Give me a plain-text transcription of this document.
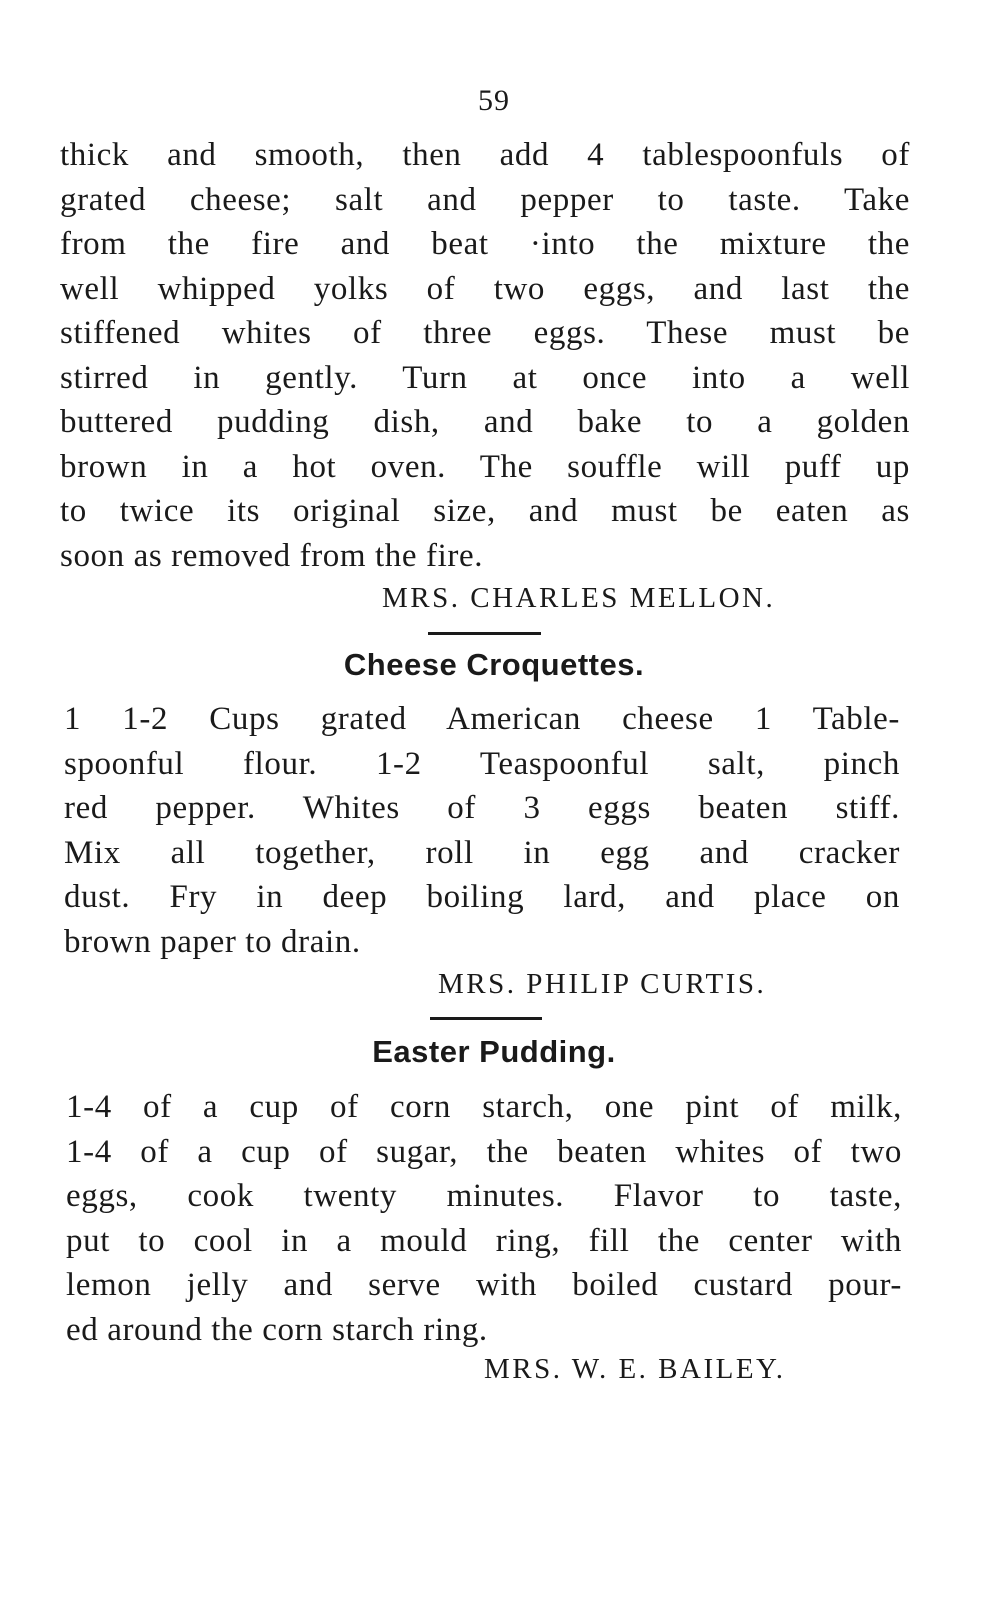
59
thick and smooth, then add 4 tablespoonfuls of
grated cheese; salt and pepper to taste. Take
from the fire and beat ·into the mixture the
well whipped yolks of two eggs, and last the
stiffened whites of three eggs. These must be
stirred in gently. Turn at once into a well
buttered pudding dish, and bake to a golden
brown in a hot oven. The souffle will puff up
to twice its original size, and must be eaten as
soon as removed from the fire.
MRS. CHARLES MELLON.
Cheese Croquettes.
1 1-2 Cups grated American cheese 1 Table-
spoonful flour. 1-2 Teaspoonful salt, pinch
red pepper. Whites of 3 eggs beaten stiff.
Mix all together, roll in egg and cracker
dust. Fry in deep boiling lard, and place on
brown paper to drain.
MRS. PHILIP CURTIS.
Easter Pudding.
1-4 of a cup of corn starch, one pint of milk,
1-4 of a cup of sugar, the beaten whites of two
eggs, cook twenty minutes. Flavor to taste,
put to cool in a mould ring, fill the center with
lemon jelly and serve with boiled custard pour-
ed around the corn starch ring.
MRS. W. E. BAILEY.
